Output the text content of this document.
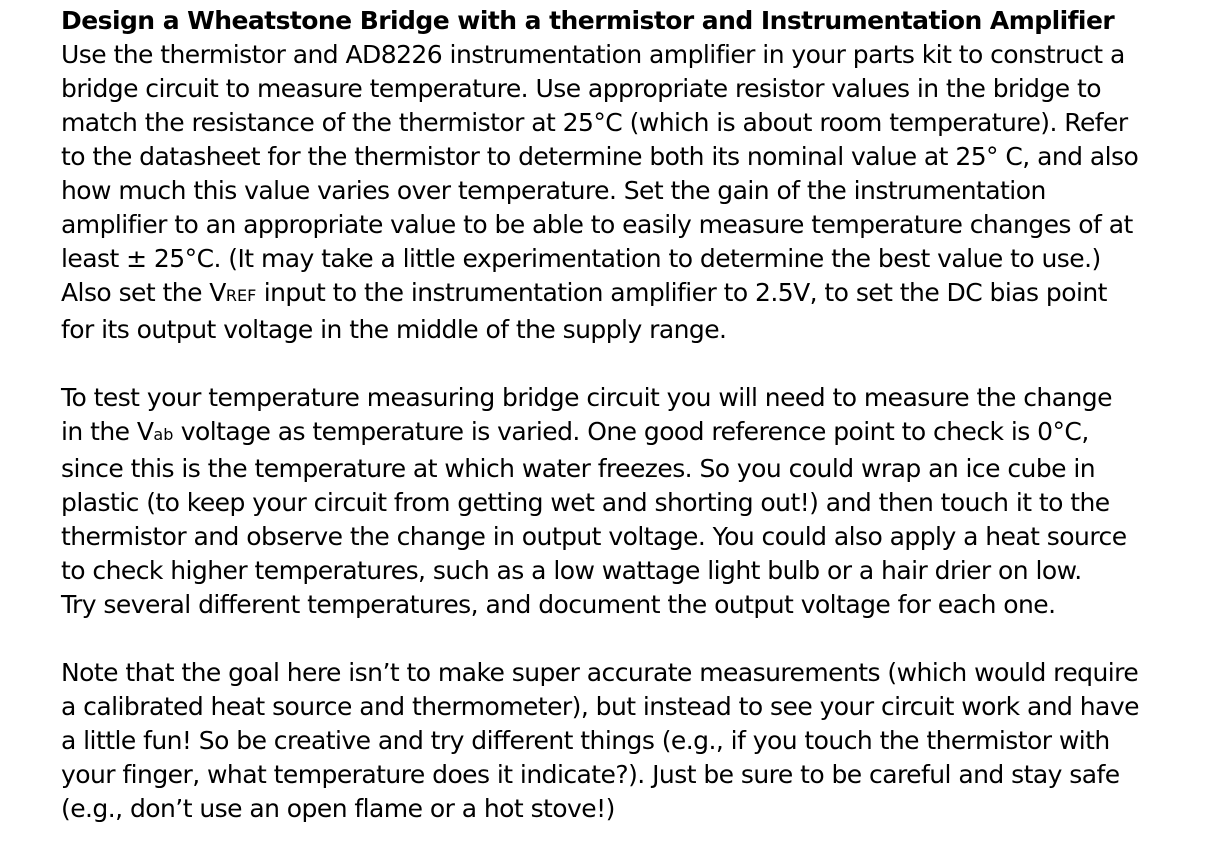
Design a Wheatstone Bridge with a thermistor and Instrumentation Amplifier

Use the thermistor and AD8226 instrumentation amplifier in your parts kit to construct a
bridge circuit to measure temperature. Use appropriate resistor values in the bridge to
match the resistance of the thermistor at 25°C (which is about room temperature). Refer
to the datasheet for the thermistor to determine both its nominal value at 25° C, and also
how much this value varies over temperature. Set the gain of the instrumentation
amplifier to an appropriate value to be able to easily measure temperature changes of at
least ± 25°C. (It may take a little experimentation to determine the best value to use.)
Also set the VREF input to the instrumentation amplifier to 2.5V, to set the DC bias point
for its output voltage in the middle of the supply range.

To test your temperature measuring bridge circuit you will need to measure the change
in the Vab voltage as temperature is varied. One good reference point to check is 0°C,
since this is the temperature at which water freezes. So you could wrap an ice cube in
plastic (to keep your circuit from getting wet and shorting out!) and then touch it to the
thermistor and observe the change in output voltage. You could also apply a heat source
to check higher temperatures, such as a low wattage light bulb or a hair drier on low.
Try several different temperatures, and document the output voltage for each one.

Note that the goal here isn’t to make super accurate measurements (which would require
a calibrated heat source and thermometer), but instead to see your circuit work and have
a little fun! So be creative and try different things (e.g., if you touch the thermistor with
your finger, what temperature does it indicate?). Just be sure to be careful and stay safe
(e.g., don’t use an open flame or a hot stove!)
